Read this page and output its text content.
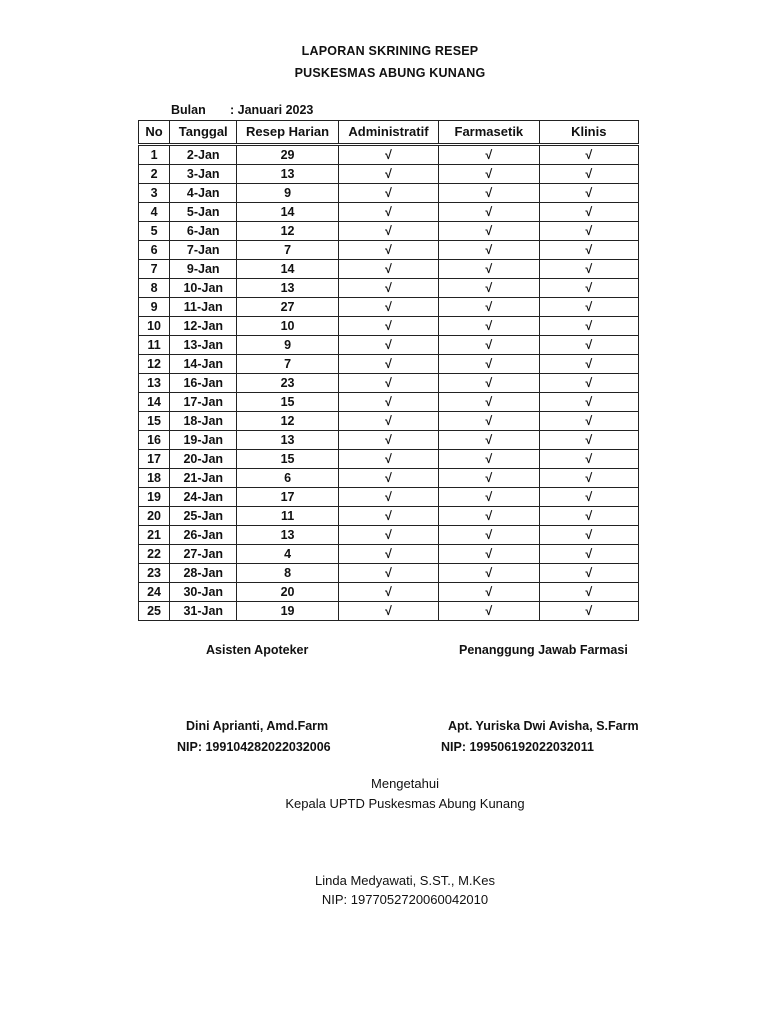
LAPORAN SKRINING RESEP
PUSKESMAS ABUNG KUNANG
Bulan : Januari 2023
No	Tanggal	Resep Harian	Administratif	Farmasetik	Klinis
1	2-Jan	29	√	√	√
2	3-Jan	13	√	√	√
3	4-Jan	9	√	√	√
4	5-Jan	14	√	√	√
5	6-Jan	12	√	√	√
6	7-Jan	7	√	√	√
7	9-Jan	14	√	√	√
8	10-Jan	13	√	√	√
9	11-Jan	27	√	√	√
10	12-Jan	10	√	√	√
11	13-Jan	9	√	√	√
12	14-Jan	7	√	√	√
13	16-Jan	23	√	√	√
14	17-Jan	15	√	√	√
15	18-Jan	12	√	√	√
16	19-Jan	13	√	√	√
17	20-Jan	15	√	√	√
18	21-Jan	6	√	√	√
19	24-Jan	17	√	√	√
20	25-Jan	11	√	√	√
21	26-Jan	13	√	√	√
22	27-Jan	4	√	√	√
23	28-Jan	8	√	√	√
24	30-Jan	20	√	√	√
25	31-Jan	19	√	√	√
Asisten Apoteker	Penanggung Jawab Farmasi
Dini Aprianti, Amd.Farm	Apt. Yuriska Dwi Avisha, S.Farm
NIP: 199104282022032006	NIP: 199506192022032011
Mengetahui
Kepala UPTD Puskesmas Abung Kunang
Linda Medyawati, S.ST., M.Kes
NIP: 197705272006004201​0
